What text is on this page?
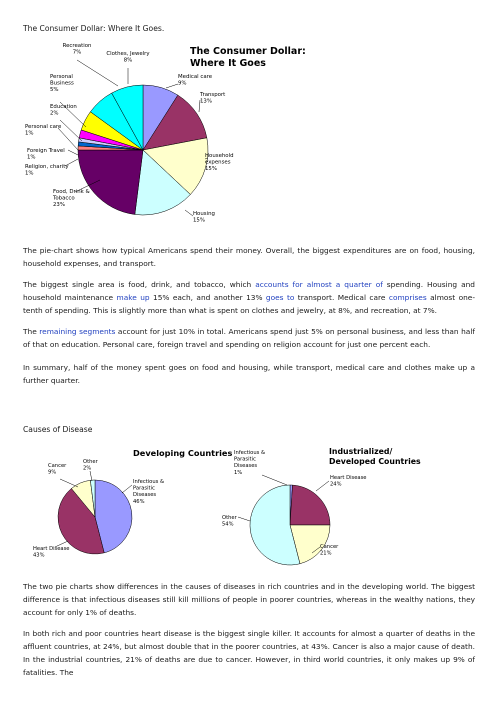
The Consumer Dollar: Where It Goes.
The Consumer Dollar:
Where It Goes
Recreation
7%	Clothes, Jewelry
8%
Medical care
9%
Transport
13%
Household
expenses
15%
Housing
15%
Food, Drink &
Tobacco
23%
Religion, charity
1%
Foreign Travel
1%
Personal care
1%
Education
2%
Personal
Business
5%

The pie-chart shows how typical Americans spend their money. Overall, the biggest expenditures are on food, housing, household expenses, and transport.

The biggest single area is food, drink, and tobacco, which accounts for almost a quarter of spending. Housing and household maintenance make up 15% each, and another 13% goes to transport. Medical care comprises almost one-tenth of spending. This is slightly more than what is spent on clothes and jewelry, at 8%, and recreation, at 7%.

The remaining segments account for just 10% in total. Americans spend just 5% on personal business, and less than half of that on education. Personal care, foreign travel and spending on religion account for just one percent each.

In summary, half of the money spent goes on food and housing, while transport, medical care and clothes make up a further quarter.

Causes of Disease
Developing Countries	Industrialized/
Developed Countries
Other
2%
Cancer
9%
Infectious &
Parasitic
Diseases
46%
Heart Disease
43%
Infectious &
Parasitic
Diseases
1%
Heart Disease
24%
Other
54%
Cancer
21%

The two pie charts show differences in the causes of diseases in rich countries and in the developing world. The biggest difference is that infectious diseases still kill millions of people in poorer countries, whereas in the wealthy nations, they account for only 1% of deaths.

In both rich and poor countries heart disease is the biggest single killer. It accounts for almost a quarter of deaths in the affluent countries, at 24%, but almost double that in the poorer countries, at 43%. Cancer is also a major cause of death. In the industrial countries, 21% of deaths are due to cancer. However, in third world countries, it only makes up 9% of fatalities. The
